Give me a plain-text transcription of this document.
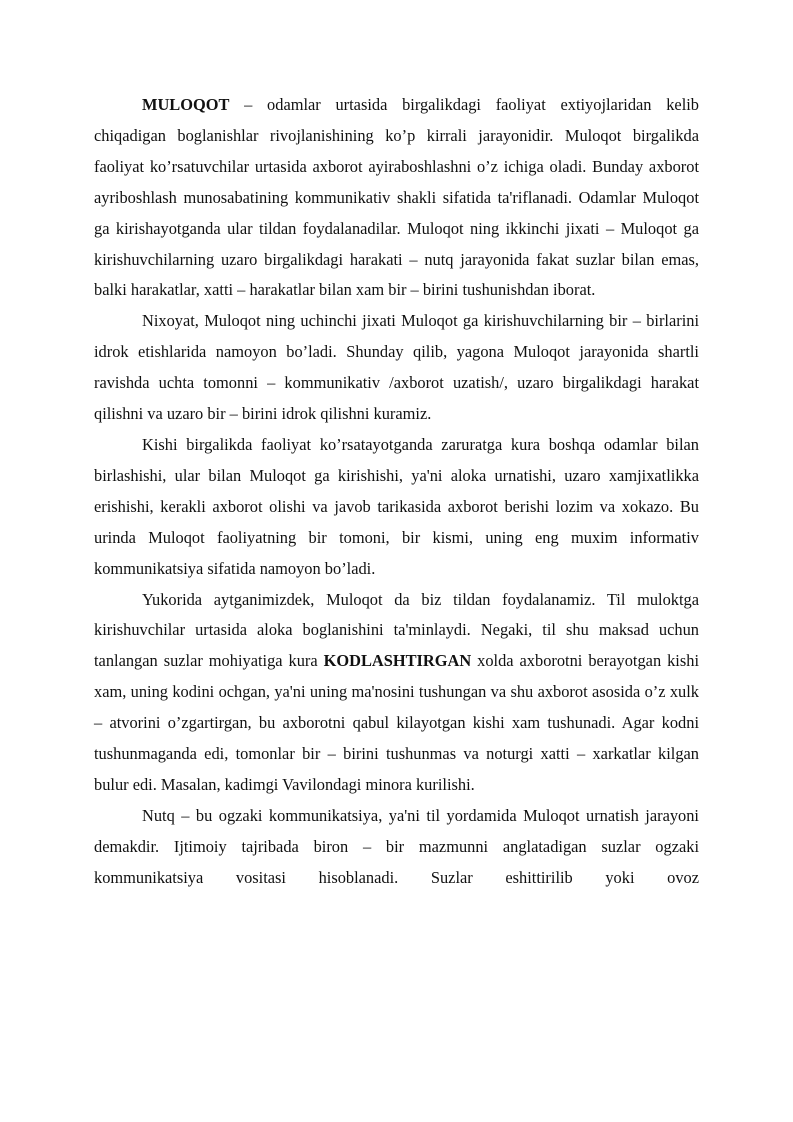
MULOQOT – odamlar urtasida birgalikdagi faoliyat extiyojlaridan kelib chiqadigan boglanishlar rivojlanishining ko’p kirrali jarayonidir. Muloqot birgalikda faoliyat ko’rsatuvchilar urtasida axborot ayiraboshlashni o’z ichiga oladi. Bunday axborot ayriboshlash munosabatining kommunikativ shakli sifatida ta'riflanadi. Odamlar Muloqot ga kirishayotganda ular tildan foydalanadilar. Muloqot ning ikkinchi jixati – Muloqot ga kirishuvchilarning uzaro birgalikdagi harakati – nutq jarayonida fakat suzlar bilan emas, balki harakatlar, xatti – harakatlar bilan xam bir – birini tushunishdan iborat.

Nixoyat, Muloqot ning uchinchi jixati Muloqot ga kirishuvchilarning bir – birlarini idrok etishlarida namoyon bo’ladi. Shunday qilib, yagona Muloqot jarayonida shartli ravishda uchta tomonni – kommunikativ /axborot uzatish/, uzaro birgalikdagi harakat qilishni va uzaro bir – birini idrok qilishni kuramiz.

Kishi birgalikda faoliyat ko’rsatayotganda zaruratga kura boshqa odamlar bilan birlashishi, ular bilan Muloqot ga kirishishi, ya'ni aloka urnatishi, uzaro xamjixatlikka erishishi, kerakli axborot olishi va javob tarikasida axborot berishi lozim va xokazo. Bu urinda Muloqot faoliyatning bir tomoni, bir kismi, uning eng muxim informativ kommunikatsiya sifatida namoyon bo’ladi.

Yukorida aytganimizdek, Muloqot da biz tildan foydalanamiz. Til muloktga kirishuvchilar urtasida aloka boglanishini ta'minlaydi. Negaki, til shu maksad uchun tanlangan suzlar mohiyatiga kura KODLASHTIRGAN xolda axborotni berayotgan kishi xam, uning kodini ochgan, ya'ni uning ma'nosini tushungan va shu axborot asosida o’z xulk – atvorini o’zgartirgan, bu axborotni qabul kilayotgan kishi xam tushunadi. Agar kodni tushunmaganda edi, tomonlar bir – birini tushunmas va noturgi xatti – xarkatlar kilgan bulur edi. Masalan, kadimgi Vavilondagi minora kurilishi.

Nutq – bu ogzaki kommunikatsiya, ya'ni til yordamida Muloqot urnatish jarayoni demakdir. Ijtimoiy tajribada biron – bir mazmunni anglatadigan suzlar ogzaki kommunikatsiya vositasi hisoblanadi. Suzlar eshittirilib yoki ovoz
